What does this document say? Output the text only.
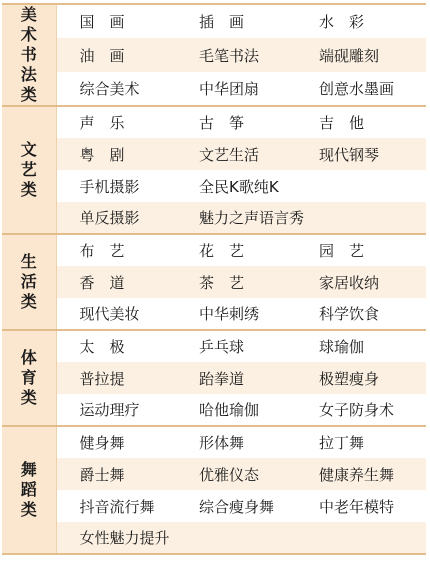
美术书法类	国　画	插　画	水　彩
	油　画	毛笔书法	端砚雕刻
	综合美术	中华团扇	创意水墨画
文艺类	声　乐	古　筝	吉　他
	粤　剧	文艺生活	现代钢琴
	手机摄影	全民K歌纯K	
	单反摄影	魅力之声语言秀	
生活类	布　艺	花　艺	园　艺
	香　道	茶　艺	家居收纳
	现代美妆	中华刺绣	科学饮食
体育类	太　极	乒乓球	球瑜伽
	普拉提	跆拳道	极塑瘦身
	运动理疗	哈他瑜伽	女子防身术
舞蹈类	健身舞	形体舞	拉丁舞
	爵士舞	优雅仪态	健康养生舞
	抖音流行舞	综合瘦身舞	中老年模特
	女性魅力提升		
